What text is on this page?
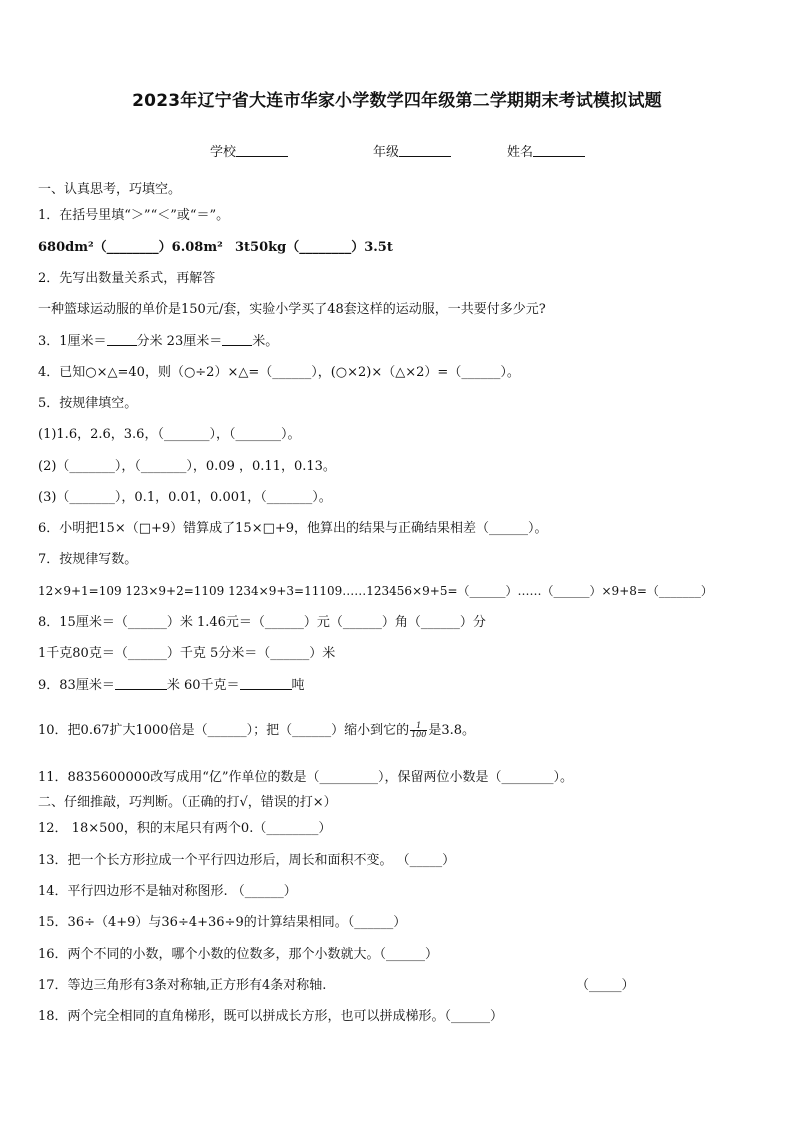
2023年辽宁省大连市华家小学数学四年级第二学期期末考试模拟试题
学校	年级	姓名
一、认真思考，巧填空。
1．在括号里填“＞”“＜”或“＝”。
680dm²（________）6.08m² 3t50kg（________）3.5t
2．先写出数量关系式，再解答
一种篮球运动服的单价是150元/套，实验小学买了48套这样的运动服，一共要付多少元?
3．1厘米＝ 分米 23厘米＝ 米。
4．已知○×△=40，则（○÷2）×△=（______），(○×2)×（△×2）=（______）。
5．按规律填空。
(1)1.6，2.6，3.6，（_______），（_______）。
(2)（_______），（_______），0.09 ，0.11，0.13。
(3)（_______），0.1，0.01，0.001，（_______）。
6．小明把15×（□+9）错算成了15×□+9，他算出的结果与正确结果相差（______）。
7．按规律写数。
12×9+1=109 123×9+2=1109 1234×9+3=11109……123456×9+5=（______）……（______）×9+8=（_______）
8．15厘米＝（______）米 1.46元＝（______）元（______）角（______）分
1千克80克＝（______）千克 5分米＝（______）米
9．83厘米＝	米 60千克＝	吨
10．把0.67扩大1000倍是（______）；把（______）缩小到它的 $\frac{1}{100}$ 是3.8。
11．8835600000改写成用“亿”作单位的数是（_________），保留两位小数是（________）。
二、仔细推敲，巧判断。（正确的打√，错误的打×）
12． 18×500，积的末尾只有两个0.（________）
13．把一个长方形拉成一个平行四边形后，周长和面积不变。 （_____）
14．平行四边形不是轴对称图形. （______）
15．36÷（4+9）与36÷4+36÷9的计算结果相同。（______）
16．两个不同的小数，哪个小数的位数多，那个小数就大。（______）
17．等边三角形有3条对称轴,正方形有4条对称轴.	（_____）
18．两个完全相同的直角梯形，既可以拼成长方形，也可以拼成梯形。（______）
